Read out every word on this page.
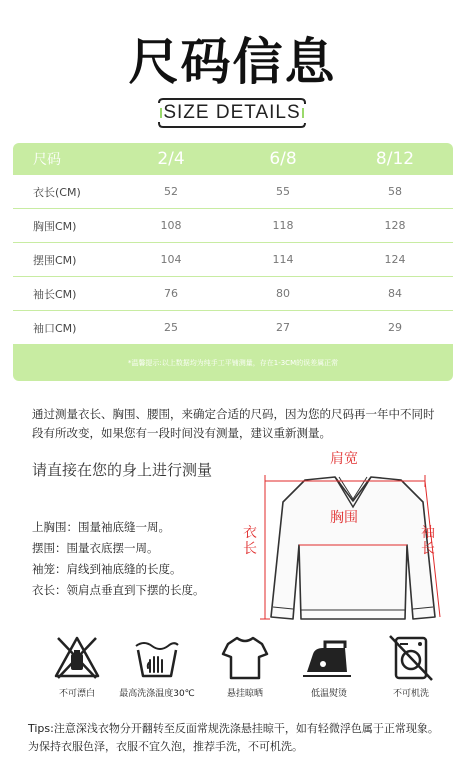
尺码信息
SIZE DETAILS
尺码	2/4	6/8	8/12
衣长(CM)	52	55	58
胸围CM)	108	118	128
摆围CM)	104	114	124
袖长CM)	76	80	84
袖口CM)	25	27	29
*温馨提示:以上数据均为纯手工平铺测量，存在1-3CM的误差属正常
通过测量衣长、胸围、腰围，来确定合适的尺码，因为您的尺码再一年中不同时段有所改变，如果您有一段时间没有测量，建议重新测量。
请直接在您的身上进行测量
上胸围：围量袖底缝一周。
摆围：围量衣底摆一周。
袖笼：肩线到袖底缝的长度。
衣长：领肩点垂直到下摆的长度。
肩宽
胸围
衣长
袖长
不可漂白	最高洗涤温度30℃	悬挂晾晒	低温熨烫	不可机洗
Tips:注意深浅衣物分开翻转至反面常规洗涤悬挂晾干，如有轻微浮色属于正常现象。为保持衣服色泽，衣服不宜久泡，推荐手洗，不可机洗。
